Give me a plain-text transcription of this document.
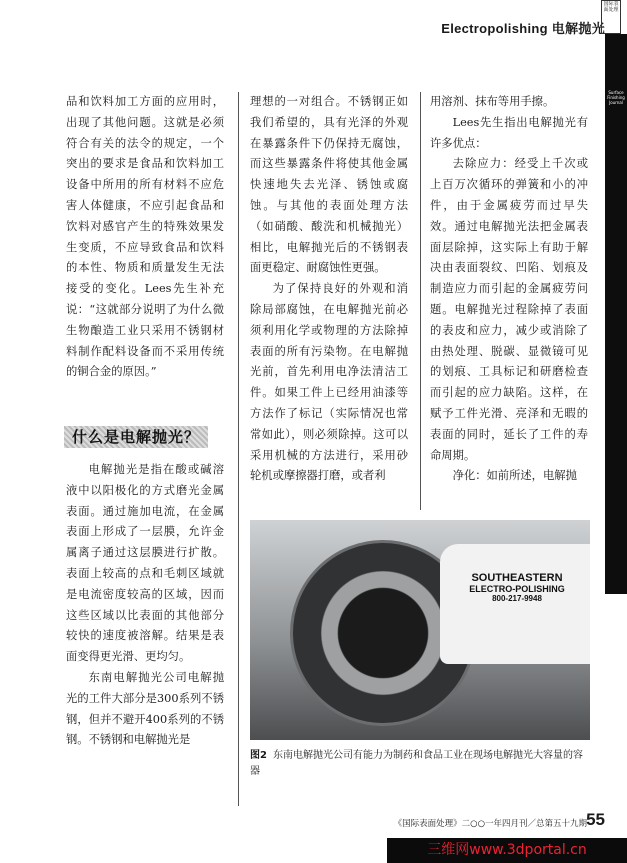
Electropolishing 电解抛光
国际表面处理
Surface Finishing Journal

品和饮料加工方面的应用时，出现了其他问题。这就是必须符合有关的法令的规定，一个突出的要求是食品和饮料加工设备中所用的所有材料不应危害人体健康，不应引起食品和饮料对感官产生的特殊效果发生变质，不应导致食品和饮料的本性、物质和质量发生无法接受的变化。Lees先生补充说：“这就部分说明了为什么微生物酿造工业只采用不锈钢材料制作配料设备而不采用传统的铜合金的原因。”

什么是电解抛光？

电解抛光是指在酸或碱溶液中以阳极化的方式磨光金属表面。通过施加电流，在金属表面上形成了一层膜，允许金属离子通过这层膜进行扩散。表面上较高的点和毛刺区域就是电流密度较高的区域，因而这些区域以比表面的其他部分较快的速度被溶解。结果是表面变得更光滑、更均匀。

东南电解抛光公司电解抛光的工件大部分是300系列不锈钢，但并不避开400系列的不锈钢。不锈钢和电解抛光是

理想的一对组合。不锈钢正如我们希望的，具有光泽的外观在暴露条件下仍保持无腐蚀，而这些暴露条件将使其他金属快速地失去光泽、锈蚀或腐蚀。与其他的表面处理方法（如硝酸、酸洗和机械抛光）相比，电解抛光后的不锈钢表面更稳定、耐腐蚀性更强。

为了保持良好的外观和消除局部腐蚀，在电解抛光前必须利用化学或物理的方法除掉表面的所有污染物。在电解抛光前，首先利用电净法清洁工件。如果工件上已经用油漆等方法作了标记（实际情况也常常如此），则必须除掉。这可以采用机械的方法进行，采用砂轮机或摩擦器打磨，或者利

用溶剂、抹布等用手擦。

Lees先生指出电解抛光有许多优点：

去除应力：经受上千次或上百万次循环的弹簧和小的冲件，由于金属疲劳而过早失效。通过电解抛光法把金属表面层除掉，这实际上有助于解决由表面裂纹、凹陷、划痕及制造应力而引起的金属疲劳问题。电解抛光过程除掉了表面的表皮和应力，减少或消除了由热处理、脱碳、显微镜可见的划痕、工具标记和研磨检查而引起的应力缺陷。这样，在赋予工件光滑、亮泽和无暇的表面的同时，延长了工件的寿命周期。

净化：如前所述，电解抛

SOUTHEASTERN
ELECTRO-POLISHING
800-217-9948
图2 东南电解抛光公司有能力为制药和食品工业在现场电解抛光大容量的容器
《国际表面处理》二○○一年四月刊／总第五十九期 55
三维网www.3dportal.cn
